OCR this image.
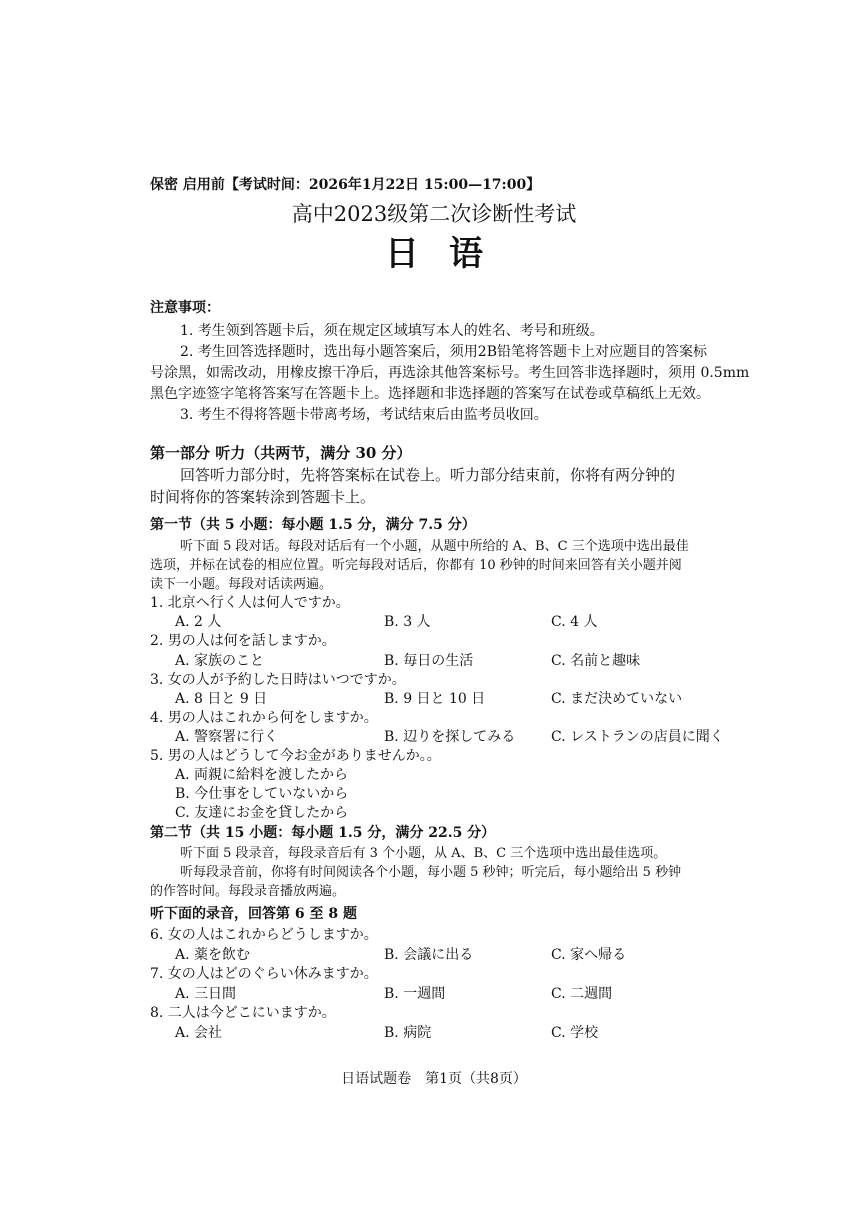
保密 启用前【考试时间：2026年1月22日 15:00—17:00】
高中2023级第二次诊断性考试
日语
注意事项：
1. 考生领到答题卡后，须在规定区域填写本人的姓名、考号和班级。
2. 考生回答选择题时，选出每小题答案后，须用2B铅笔将答题卡上对应题目的答案标
号涂黑，如需改动，用橡皮擦干净后，再选涂其他答案标号。考生回答非选择题时，须用 0.5mm
黑色字迹签字笔将答案写在答题卡上。选择题和非选择题的答案写在试卷或草稿纸上无效。
3. 考生不得将答题卡带离考场，考试结束后由监考员收回。
第一部分 听力（共两节，满分 30 分）
回答听力部分时，先将答案标在试卷上。听力部分结束前，你将有两分钟的
时间将你的答案转涂到答题卡上。
第一节（共 5 小题：每小题 1.5 分，满分 7.5 分）
听下面 5 段对话。每段对话后有一个小题，从题中所给的 A、B、C 三个选项中选出最佳
选项，并标在试卷的相应位置。听完每段对话后，你都有 10 秒钟的时间来回答有关小题并阅
读下一小题。每段对话读两遍。
1. 北京へ行く人は何人ですか。
A. 2 人	B. 3 人	C. 4 人
2. 男の人は何を話しますか。
A. 家族のこと	B. 毎日の生活	C. 名前と趣味
3. 女の人が予約した日時はいつですか。
A. 8 日と 9 日	B. 9 日と 10 日	C. まだ決めていない
4. 男の人はこれから何をしますか。
A. 警察署に行く	B. 辺りを探してみる	C. レストランの店員に聞く
5. 男の人はどうして今お金がありませんか。。
A. 両親に給料を渡したから
B. 今仕事をしていないから
C. 友達にお金を貸したから
第二节（共 15 小题：每小题 1.5 分，满分 22.5 分）
听下面 5 段录音，每段录音后有 3 个小题，从 A、B、C 三个选项中选出最佳选项。
听每段录音前，你将有时间阅读各个小题，每小题 5 秒钟；听完后，每小题给出 5 秒钟
的作答时间。每段录音播放两遍。
听下面的录音，回答第 6 至 8 题
6. 女の人はこれからどうしますか。
A. 薬を飲む	B. 会議に出る	C. 家へ帰る
7. 女の人はどのぐらい休みますか。
A. 三日間	B. 一週間	C. 二週間
8. 二人は今どこにいますか。
A. 会社	B. 病院	C. 学校
日语试题卷　第1页（共8页）
